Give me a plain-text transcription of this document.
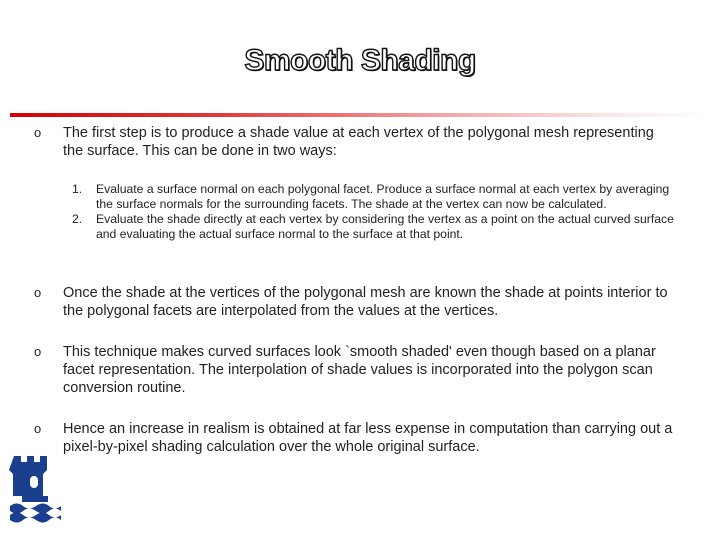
Smooth Shading
o	The first step is to produce a shade value at each vertex of the polygonal mesh representing the surface. This can be done in two ways:
1. Evaluate a surface normal on each polygonal facet. Produce a surface normal at each vertex by averaging the surface normals for the surrounding facets. The shade at the vertex can now be calculated.
2. Evaluate the shade directly at each vertex by considering the vertex as a point on the actual curved surface and evaluating the actual surface normal to the surface at that point.
o	Once the shade at the vertices of the polygonal mesh are known the shade at points interior to the polygonal facets are interpolated from the values at the vertices.
o	This technique makes curved surfaces look `smooth shaded' even though based on a planar facet representation. The interpolation of shade values is incorporated into the polygon scan conversion routine.
o	Hence an increase in realism is obtained at far less expense in computation than carrying out a pixel-by-pixel shading calculation over the whole original surface.
